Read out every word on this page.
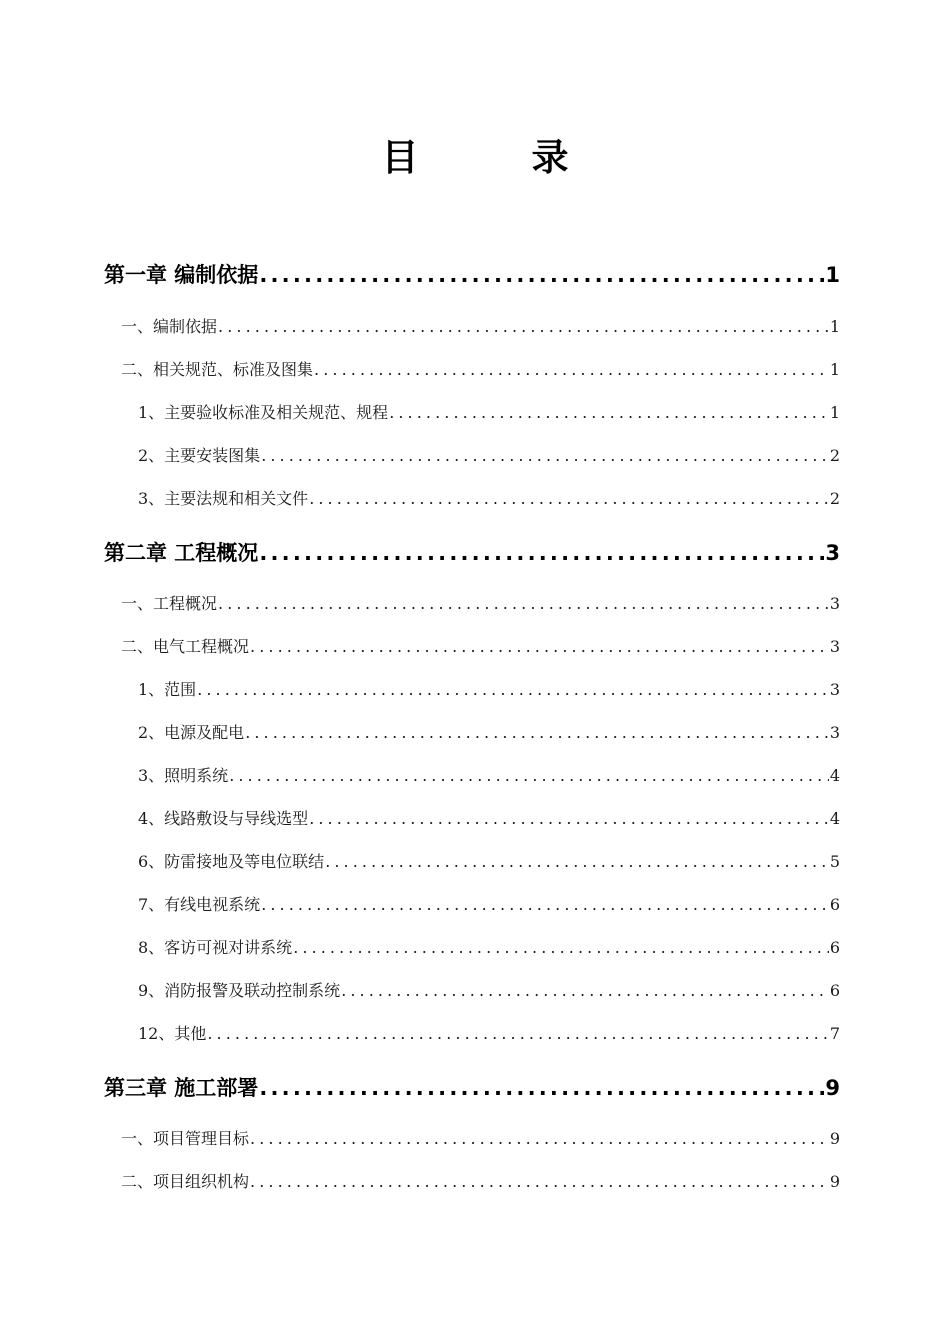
目　录
第一章 编制依据 .....	1
一、编制依据 .....	1
二、相关规范、标准及图集 .....	1
1、主要验收标准及相关规范、规程 .....	1
2、主要安装图集 .....	2
3、主要法规和相关文件 .....	2
第二章 工程概况 .....	3
一、工程概况 .....	3
二、电气工程概况 .....	3
1、范围 .....	3
2、电源及配电 .....	3
3、照明系统 .....	4
4、线路敷设与导线选型 .....	4
6、防雷接地及等电位联结 .....	5
7、有线电视系统 .....	6
8、客访可视对讲系统 .....	6
9、消防报警及联动控制系统 .....	6
12、其他 .....	7
第三章 施工部署 .....	9
一、项目管理目标 .....	9
二、项目组织机构 .....	9
